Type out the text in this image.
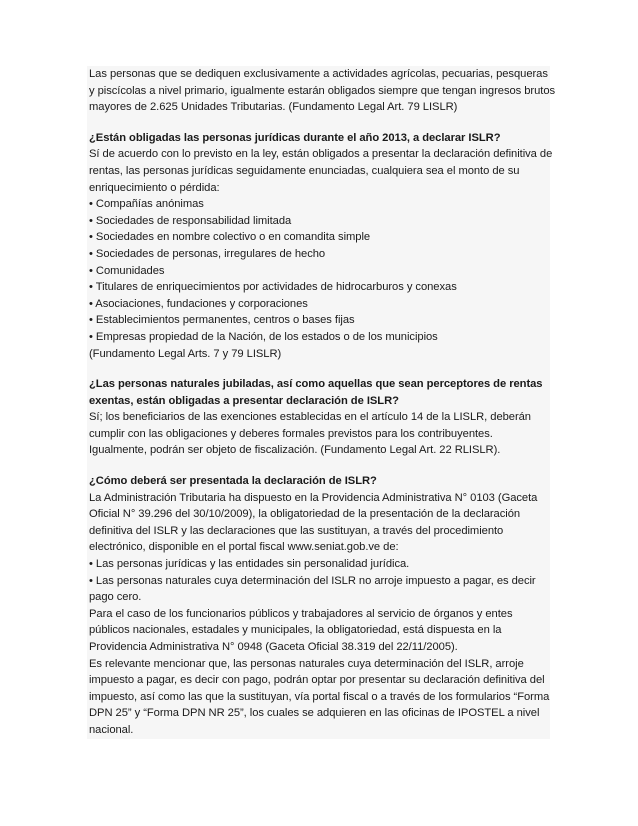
Las personas que se dediquen exclusivamente a actividades agrícolas, pecuarias, pesqueras
y piscícolas a nivel primario, igualmente estarán obligados siempre que tengan ingresos brutos
mayores de 2.625 Unidades Tributarias. (Fundamento Legal Art. 79 LISLR)
¿Están obligadas las personas jurídicas durante el año 2013, a declarar ISLR?
Sí de acuerdo con lo previsto en la ley, están obligados a presentar la declaración definitiva de
rentas, las personas jurídicas seguidamente enunciadas, cualquiera sea el monto de su
enriquecimiento o pérdida:
• Compañías anónimas
• Sociedades de responsabilidad limitada
• Sociedades en nombre colectivo o en comandita simple
• Sociedades de personas, irregulares de hecho
• Comunidades
• Titulares de enriquecimientos por actividades de hidrocarburos y conexas
• Asociaciones, fundaciones y corporaciones
• Establecimientos permanentes, centros o bases fijas
• Empresas propiedad de la Nación, de los estados o de los municipios
(Fundamento Legal Arts. 7 y 79 LISLR)
¿Las personas naturales jubiladas, así como aquellas que sean perceptores de rentas
exentas, están obligadas a presentar declaración de ISLR?
Sí; los beneficiarios de las exenciones establecidas en el artículo 14 de la LISLR, deberán
cumplir con las obligaciones y deberes formales previstos para los contribuyentes.
Igualmente, podrán ser objeto de fiscalización. (Fundamento Legal Art. 22 RLISLR).
¿Cómo deberá ser presentada la declaración de ISLR?
La Administración Tributaria ha dispuesto en la Providencia Administrativa N° 0103 (Gaceta
Oficial N° 39.296 del 30/10/2009), la obligatoriedad de la presentación de la declaración
definitiva del ISLR y las declaraciones que las sustituyan, a través del procedimiento
electrónico, disponible en el portal fiscal www.seniat.gob.ve de:
• Las personas jurídicas y las entidades sin personalidad jurídica.
• Las personas naturales cuya determinación del ISLR no arroje impuesto a pagar, es decir
pago cero.
Para el caso de los funcionarios públicos y trabajadores al servicio de órganos y entes
públicos nacionales, estadales y municipales, la obligatoriedad, está dispuesta en la
Providencia Administrativa N° 0948 (Gaceta Oficial 38.319 del 22/11/2005).
Es relevante mencionar que, las personas naturales cuya determinación del ISLR, arroje
impuesto a pagar, es decir con pago, podrán optar por presentar su declaración definitiva del
impuesto, así como las que la sustituyan, vía portal fiscal o a través de los formularios “Forma
DPN 25” y “Forma DPN NR 25”, los cuales se adquieren en las oficinas de IPOSTEL a nivel
nacional.
